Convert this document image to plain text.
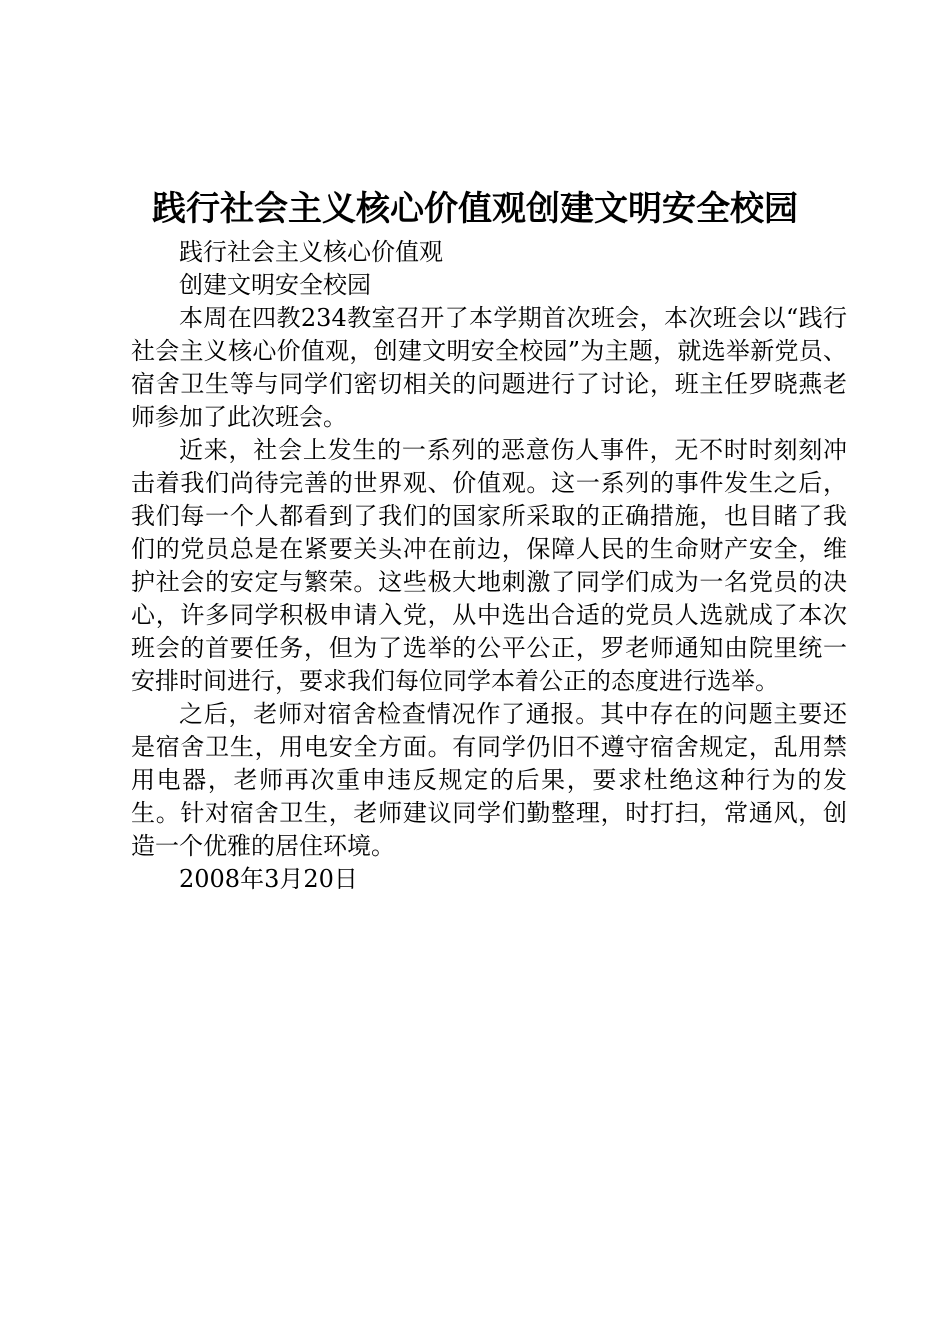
践行社会主义核心价值观创建文明安全校园

践行社会主义核心价值观

创建文明安全校园

本周在四教234教室召开了本学期首次班会，本次班会以“践行社会主义核心价值观，创建文明安全校园”为主题，就选举新党员、宿舍卫生等与同学们密切相关的问题进行了讨论，班主任罗晓燕老师参加了此次班会。

近来，社会上发生的一系列的恶意伤人事件，无不时时刻刻冲击着我们尚待完善的世界观、价值观。这一系列的事件发生之后，我们每一个人都看到了我们的国家所采取的正确措施，也目睹了我们的党员总是在紧要关头冲在前边，保障人民的生命财产安全，维护社会的安定与繁荣。这些极大地刺激了同学们成为一名党员的决心，许多同学积极申请入党，从中选出合适的党员人选就成了本次班会的首要任务，但为了选举的公平公正，罗老师通知由院里统一安排时间进行，要求我们每位同学本着公正的态度进行选举。

之后，老师对宿舍检查情况作了通报。其中存在的问题主要还是宿舍卫生，用电安全方面。有同学仍旧不遵守宿舍规定，乱用禁用电器，老师再次重申违反规定的后果，要求杜绝这种行为的发生。针对宿舍卫生，老师建议同学们勤整理，时打扫，常通风，创造一个优雅的居住环境。

2008年3月20日
